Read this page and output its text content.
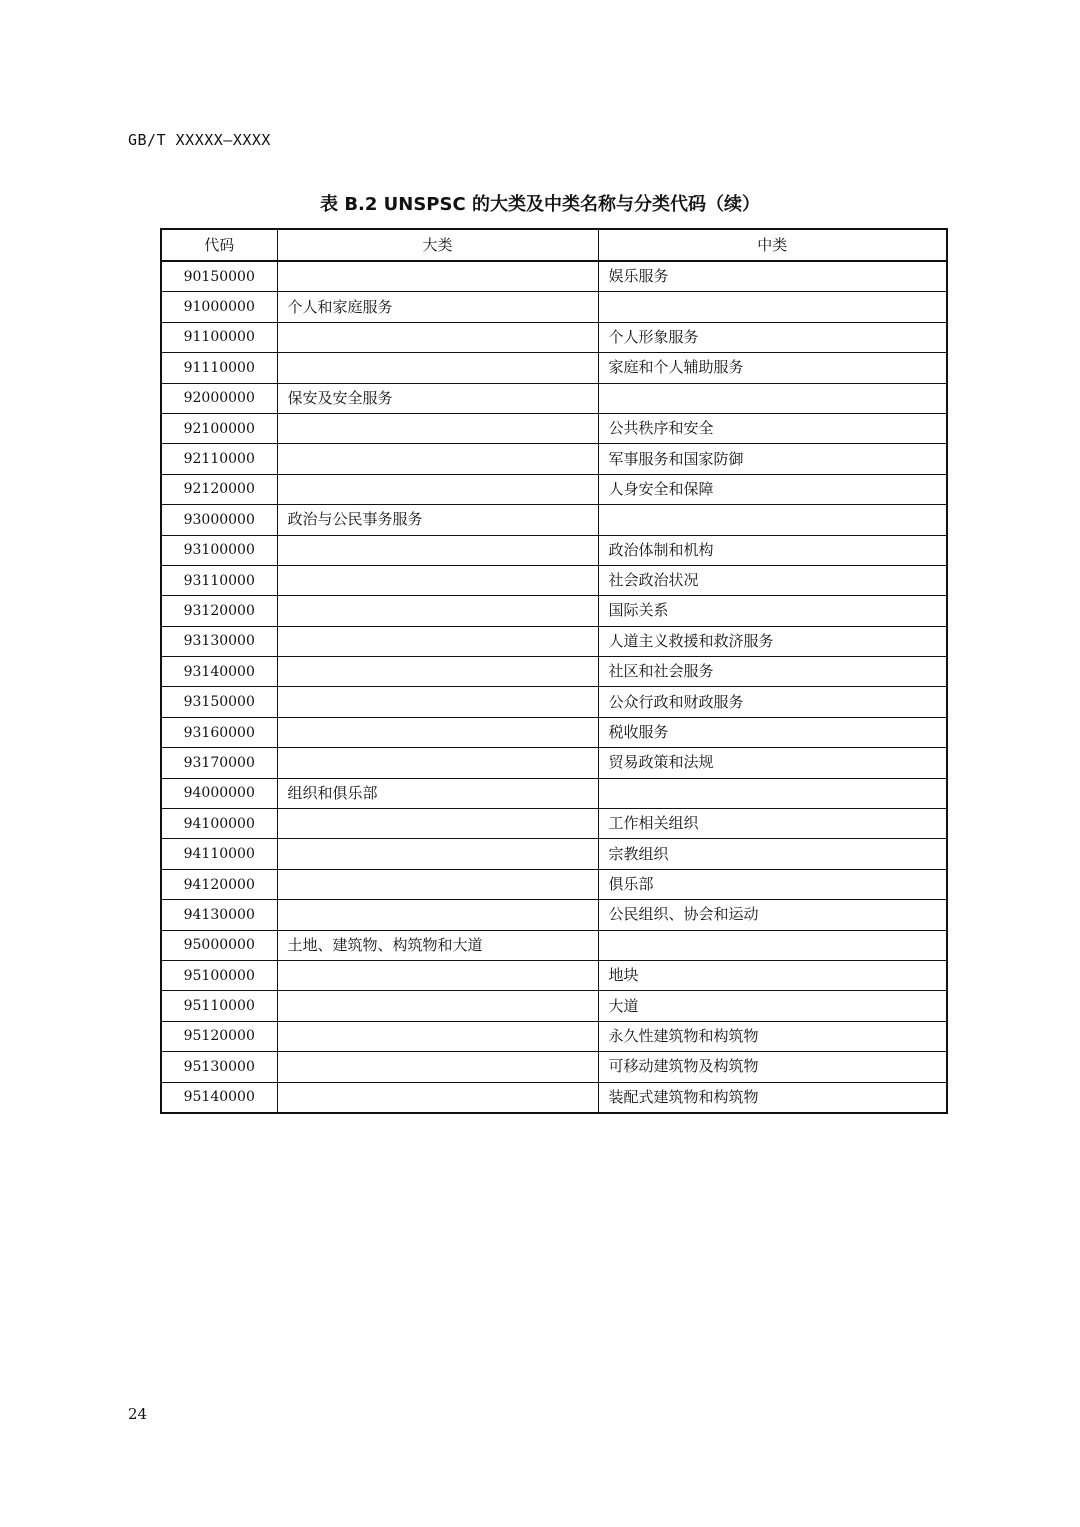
GB/T XXXXX—XXXX
表 B.2 UNSPSC 的大类及中类名称与分类代码（续）
代码	大类	中类
90150000		娱乐服务
91000000	个人和家庭服务	
91100000		个人形象服务
91110000		家庭和个人辅助服务
92000000	保安及安全服务	
92100000		公共秩序和安全
92110000		军事服务和国家防御
92120000		人身安全和保障
93000000	政治与公民事务服务	
93100000		政治体制和机构
93110000		社会政治状况
93120000		国际关系
93130000		人道主义救援和救济服务
93140000		社区和社会服务
93150000		公众行政和财政服务
93160000		税收服务
93170000		贸易政策和法规
94000000	组织和俱乐部	
94100000		工作相关组织
94110000		宗教组织
94120000		俱乐部
94130000		公民组织、协会和运动
95000000	土地、建筑物、构筑物和大道	
95100000		地块
95110000		大道
95120000		永久性建筑物和构筑物
95130000		可移动建筑物及构筑物
95140000		装配式建筑物和构筑物
24
